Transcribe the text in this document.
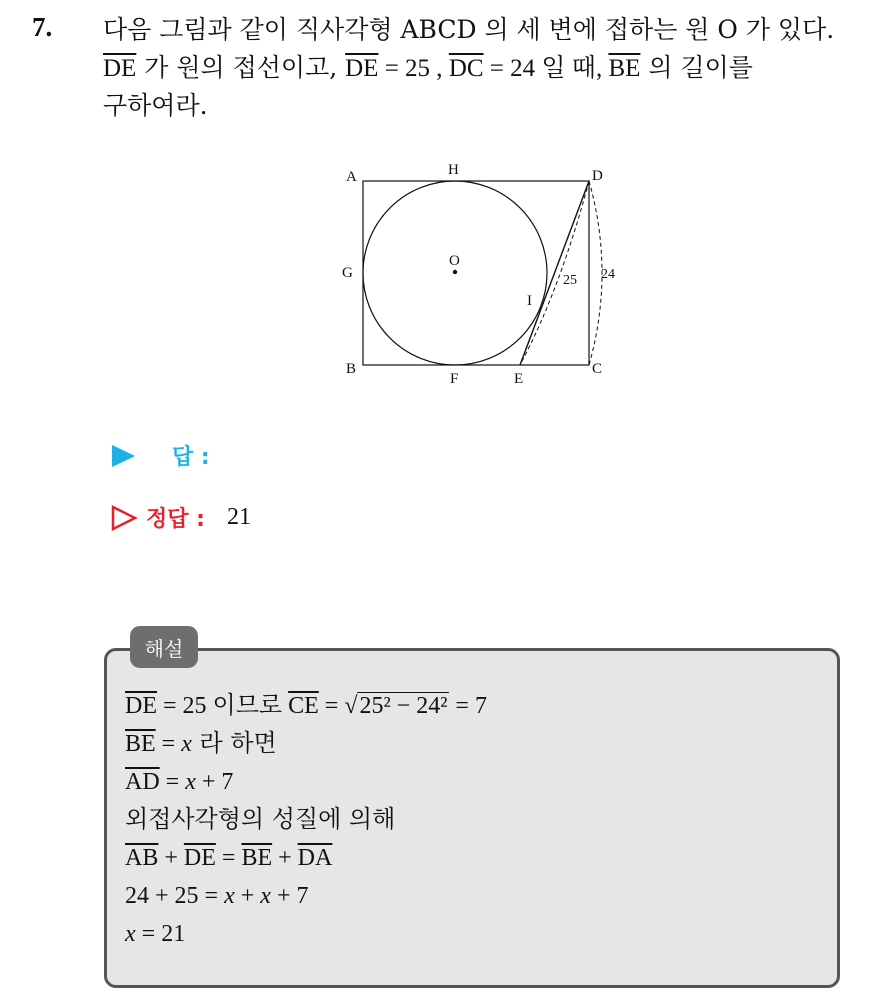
7. 다음 그림과 같이 직사각형 ABCD 의 세 변에 접하는 원 O 가 있다.
$\overline{DE}$ 가 원의 접선이고, $\overline{DE} = 25$ , $\overline{DC} = 24$ 일 때, $\overline{BE}$ 의 길이를
구하여라.
A	H	D
G
O
I
B
F	E
C
25 24
답 :
정답 : 21
해설
$\overline{DE} = 25$ 이므로 $\overline{CE} = √25^2 - 24^2 = 7$
$\overline{BE} = x$ 라 하면
$\overline{AD} = x + 7$
외접사각형의 성질에 의해
$\overline{AB} + \overline{DE} = \overline{BE} + \overline{DA}$
24 + 25 = x + x + 7
x = 21
